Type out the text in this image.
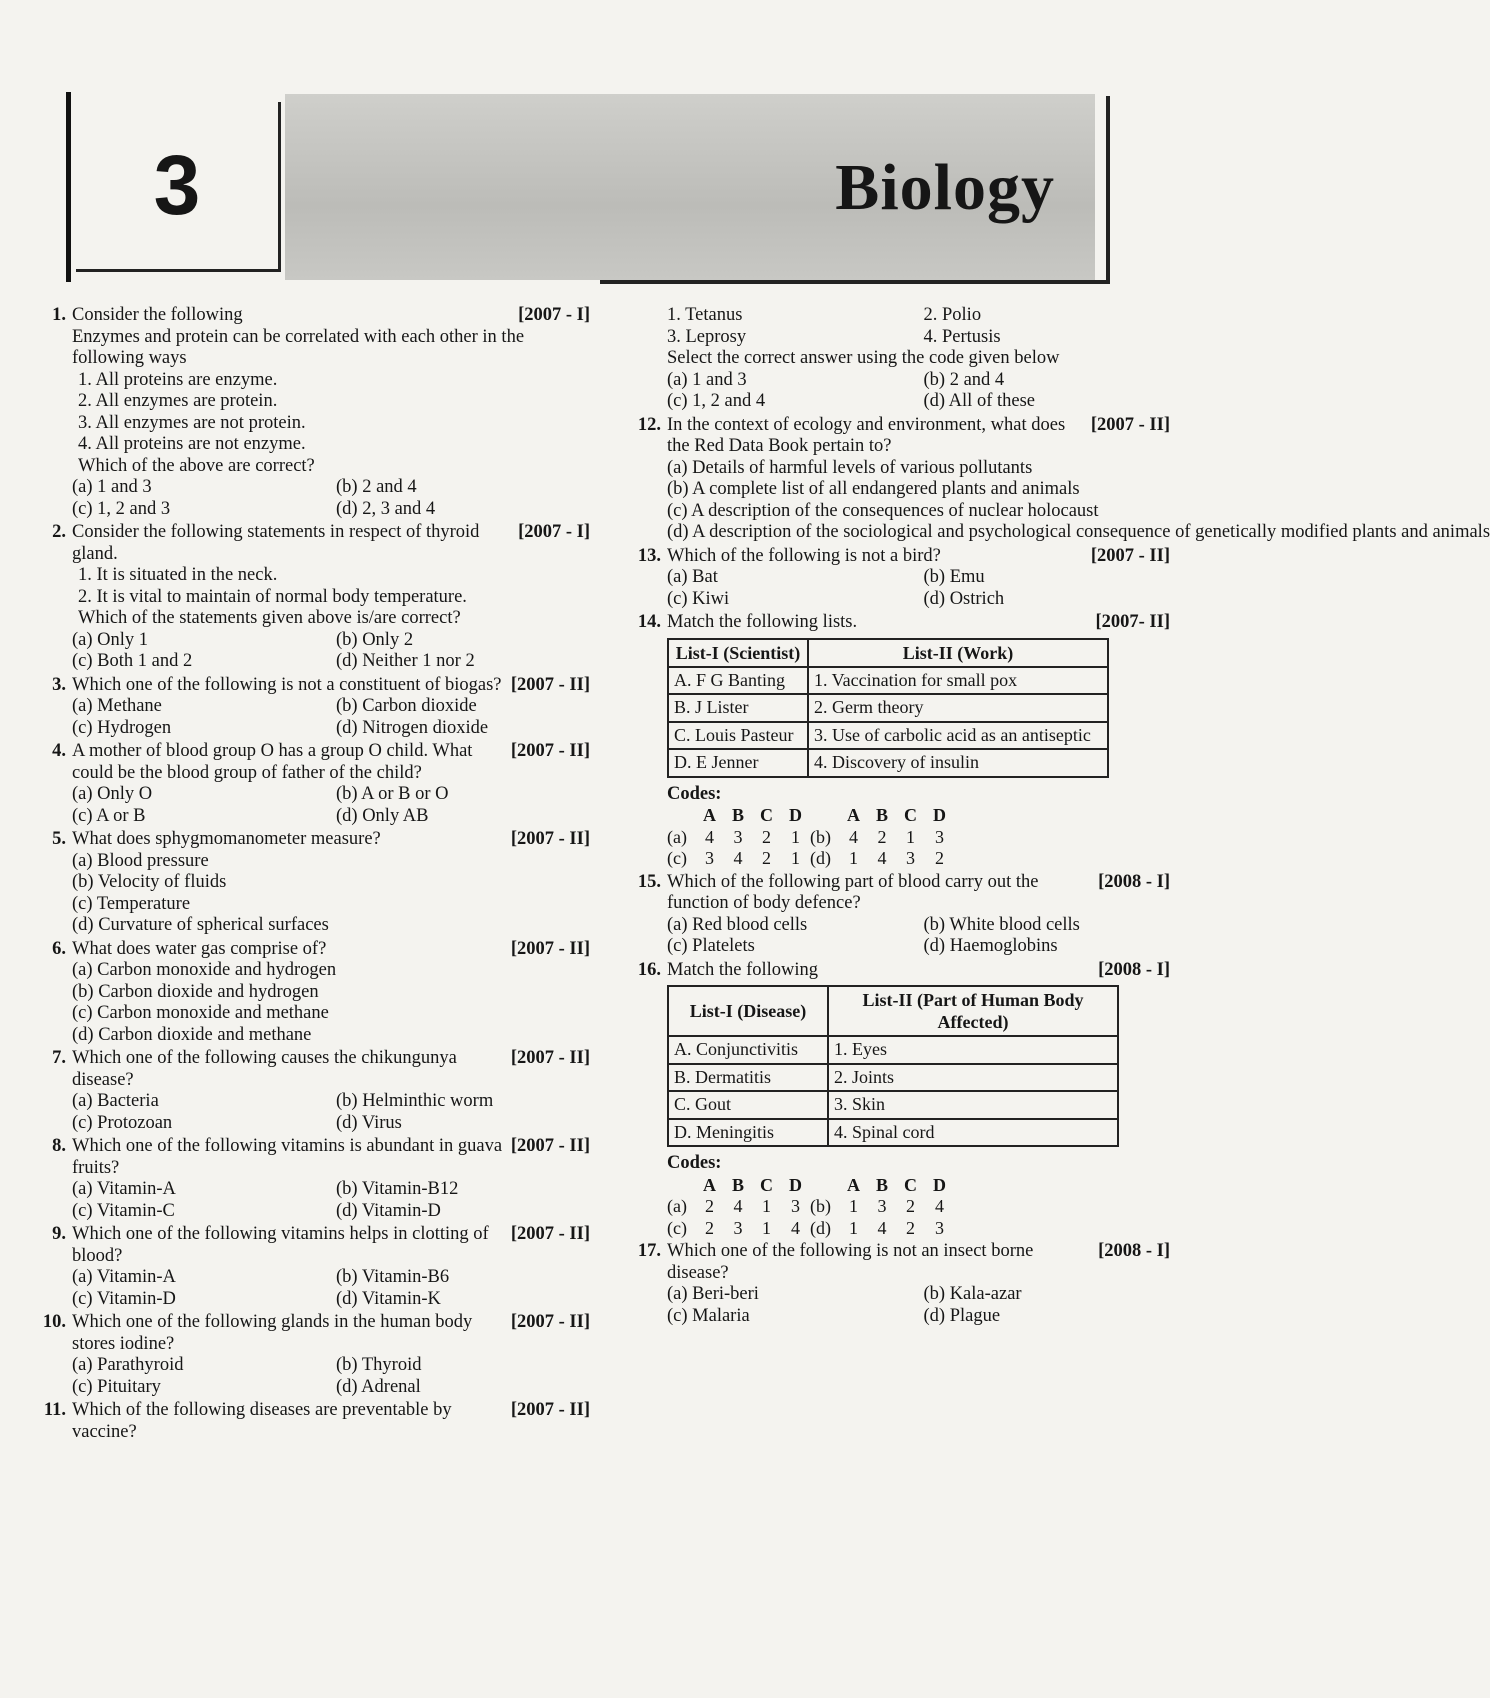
3	Biology
1.	[2007 - I]
Consider the following
Enzymes and protein can be correlated with each other in the following ways
1. All proteins are enzyme.
2. All enzymes are protein.
3. All enzymes are not protein.
4. All proteins are not enzyme.
Which of the above are correct?
(a) 1 and 3	(b) 2 and 4
(c) 1, 2 and 3	(d) 2, 3 and 4
2.	[2007 - I]
Consider the following statements in respect of thyroid gland.
1. It is situated in the neck.
2. It is vital to maintain of normal body temperature.
Which of the statements given above is/are correct?
(a) Only 1	(b) Only 2
(c) Both 1 and 2	(d) Neither 1 nor 2
3.	[2007 - II]
Which one of the following is not a constituent of biogas?
(a) Methane	(b) Carbon dioxide
(c) Hydrogen	(d) Nitrogen dioxide
4.	[2007 - II]
A mother of blood group O has a group O child. What could be the blood group of father of the child?
(a) Only O	(b) A or B or O
(c) A or B	(d) Only AB
5.	[2007 - II]
What does sphygmomanometer measure?
(a) Blood pressure
(b) Velocity of fluids
(c) Temperature
(d) Curvature of spherical surfaces
6.	[2007 - II]
What does water gas comprise of?
(a) Carbon monoxide and hydrogen
(b) Carbon dioxide and hydrogen
(c) Carbon monoxide and methane
(d) Carbon dioxide and methane
7.	[2007 - II]
Which one of the following causes the chikungunya disease?
(a) Bacteria	(b) Helminthic worm
(c) Protozoan	(d) Virus
8.	[2007 - II]
Which one of the following vitamins is abundant in guava fruits?
(a) Vitamin-A	(b) Vitamin-B12
(c) Vitamin-C	(d) Vitamin-D
9.	[2007 - II]
Which one of the following vitamins helps in clotting of blood?
(a) Vitamin-A	(b) Vitamin-B6
(c) Vitamin-D	(d) Vitamin-K
10.	[2007 - II]
Which one of the following glands in the human body stores iodine?
(a) Parathyroid	(b) Thyroid
(c) Pituitary	(d) Adrenal
11.	[2007 - II]
Which of the following diseases are preventable by vaccine?
1. Tetanus	2. Polio
3. Leprosy	4. Pertusis
Select the correct answer using the code given below
(a) 1 and 3	(b) 2 and 4
(c) 1, 2 and 4	(d) All of these
12.	[2007 - II]
In the context of ecology and environment, what does the Red Data Book pertain to?
(a) Details of harmful levels of various pollutants
(b) A complete list of all endangered plants and animals
(c) A description of the consequences of nuclear holocaust
(d) A description of the sociological and psychological consequence of genetically modified plants and animals
13.	[2007 - II]
Which of the following is not a bird?
(a) Bat	(b) Emu
(c) Kiwi	(d) Ostrich
14.	[2007- II]
Match the following lists.
List-I (Scientist)	List-II (Work)
A. F G Banting	1. Vaccination for small pox
B. J Lister	2. Germ theory
C. Louis Pasteur	3. Use of carbolic acid as an antiseptic
D. E Jenner	4. Discovery of insulin
Codes:
	A	B	C	D		A	B	C	D
(a)	4	3	2	1	(b)	4	2	1	3
(c)	3	4	2	1	(d)	1	4	3	2
15.	[2008 - I]
Which of the following part of blood carry out the function of body defence?
(a) Red blood cells	(b) White blood cells
(c) Platelets	(d) Haemoglobins
16.	[2008 - I]
Match the following
List-I (Disease)	List-II (Part of Human Body Affected)
A. Conjunctivitis	1. Eyes
B. Dermatitis	2. Joints
C. Gout	3. Skin
D. Meningitis	4. Spinal cord
Codes:
	A	B	C	D		A	B	C	D
(a)	2	4	1	3	(b)	1	3	2	4
(c)	2	3	1	4	(d)	1	4	2	3
17.	[2008 - I]
Which one of the following is not an insect borne disease?
(a) Beri-beri	(b) Kala-azar
(c) Malaria	(d) Plague
